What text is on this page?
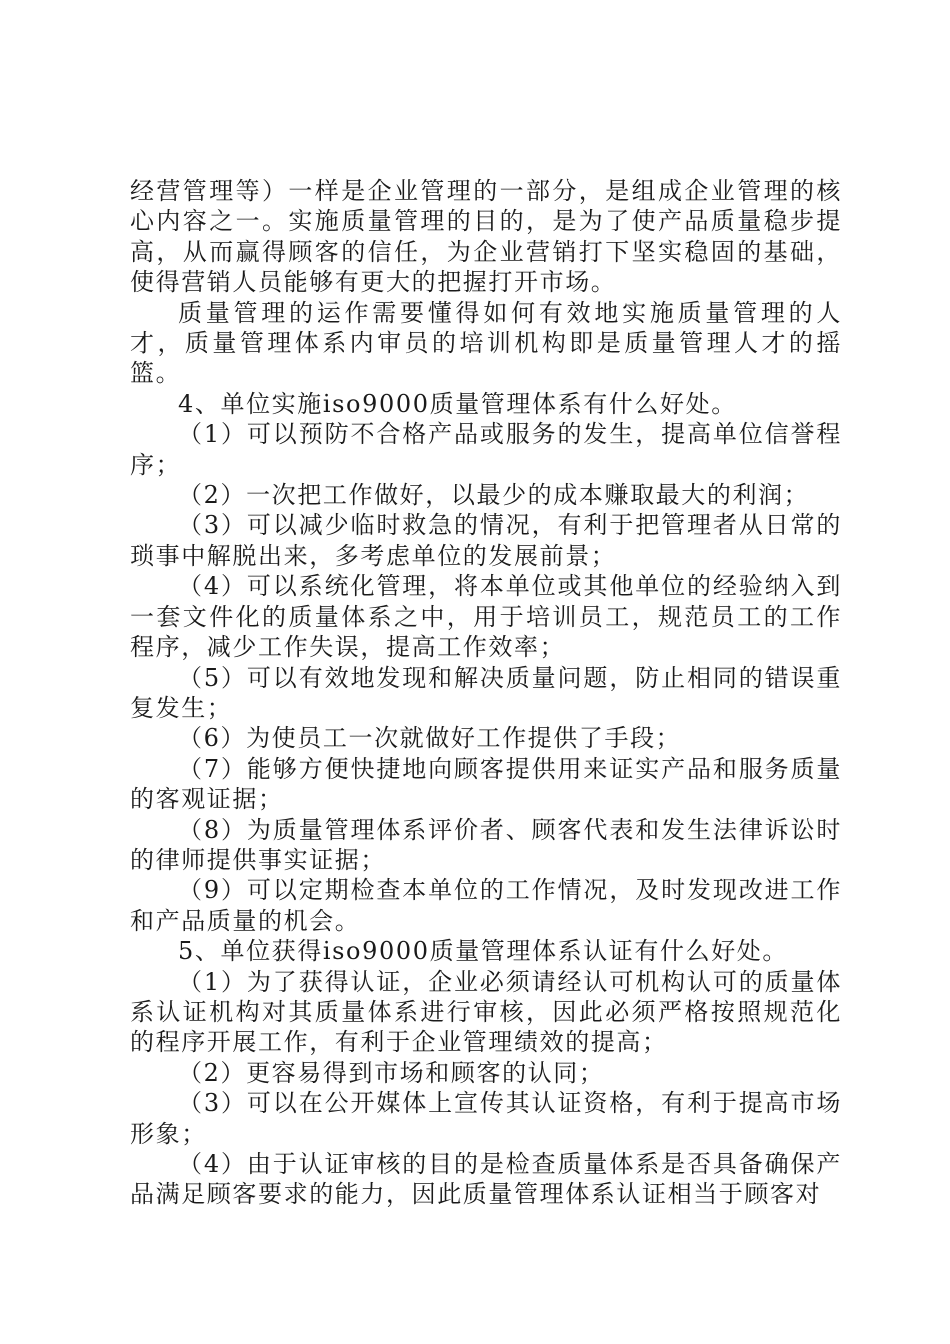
经营管理等）一样是企业管理的一部分，是组成企业管理的核心内容之一。实施质量管理的目的，是为了使产品质量稳步提高，从而赢得顾客的信任，为企业营销打下坚实稳固的基础，使得营销人员能够有更大的把握打开市场。

质量管理的运作需要懂得如何有效地实施质量管理的人才，质量管理体系内审员的培训机构即是质量管理人才的摇篮。

4、单位实施iso9000质量管理体系有什么好处。

（1）可以预防不合格产品或服务的发生，提高单位信誉程序；

（2）一次把工作做好，以最少的成本赚取最大的利润；

（3）可以减少临时救急的情况，有利于把管理者从日常的琐事中解脱出来，多考虑单位的发展前景；

（4）可以系统化管理，将本单位或其他单位的经验纳入到一套文件化的质量体系之中，用于培训员工，规范员工的工作程序，减少工作失误，提高工作效率；

（5）可以有效地发现和解决质量问题，防止相同的错误重复发生；

（6）为使员工一次就做好工作提供了手段；

（7）能够方便快捷地向顾客提供用来证实产品和服务质量的客观证据；

（8）为质量管理体系评价者、顾客代表和发生法律诉讼时的律师提供事实证据；

（9）可以定期检查本单位的工作情况，及时发现改进工作和产品质量的机会。

5、单位获得iso9000质量管理体系认证有什么好处。

（1）为了获得认证，企业必须请经认可机构认可的质量体系认证机构对其质量体系进行审核，因此必须严格按照规范化的程序开展工作，有利于企业管理绩效的提高；

（2）更容易得到市场和顾客的认同；

（3）可以在公开媒体上宣传其认证资格，有利于提高市场形象；

（4）由于认证审核的目的是检查质量体系是否具备确保产品满足顾客要求的能力，因此质量管理体系认证相当于顾客对
